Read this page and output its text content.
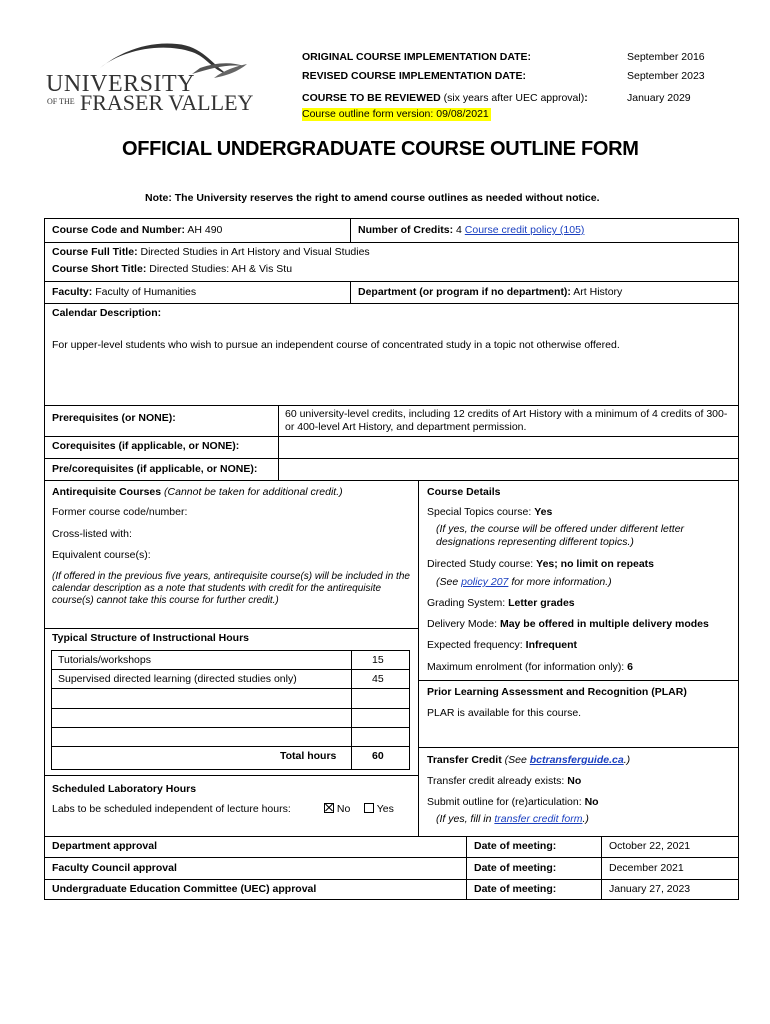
UNIVERSITY
OF THE FRASER VALLEY
ORIGINAL COURSE IMPLEMENTATION DATE:	September 2016
REVISED COURSE IMPLEMENTATION DATE:	September 2023
COURSE TO BE REVIEWED (six years after UEC approval):	January 2029
Course outline form version: 09/08/2021
OFFICIAL UNDERGRADUATE COURSE OUTLINE FORM
Note: The University reserves the right to amend course outlines as needed without notice.
Course Code and Number: AH 490	Number of Credits: 4 Course credit policy (105)
Course Full Title: Directed Studies in Art History and Visual Studies
Course Short Title: Directed Studies: AH & Vis Stu
Faculty: Faculty of Humanities	Department (or program if no department): Art History
Calendar Description:
For upper-level students who wish to pursue an independent course of concentrated study in a topic not otherwise offered.
Prerequisites (or NONE):	60 university-level credits, including 12 credits of Art History with a minimum of 4 credits of 300- or 400-level Art History, and department permission.
Corequisites (if applicable, or NONE):
Pre/corequisites (if applicable, or NONE):
Antirequisite Courses (Cannot be taken for additional credit.)
Former course code/number:
Cross-listed with:
Equivalent course(s):
(If offered in the previous five years, antirequisite course(s) will be included in the calendar description as a note that students with credit for the antirequisite course(s) cannot take this course for further credit.)
Typical Structure of Instructional Hours
Tutorials/workshops	15
Supervised directed learning (directed studies only)	45
Total hours	60
Scheduled Laboratory Hours
Labs to be scheduled independent of lecture hours:	No	Yes
Course Details
Special Topics course: Yes
(If yes, the course will be offered under different letter designations representing different topics.)
Directed Study course: Yes; no limit on repeats
(See policy 207 for more information.)
Grading System: Letter grades
Delivery Mode: May be offered in multiple delivery modes
Expected frequency: Infrequent
Maximum enrolment (for information only): 6
Prior Learning Assessment and Recognition (PLAR)
PLAR is available for this course.
Transfer Credit (See bctransferguide.ca.)
Transfer credit already exists: No
Submit outline for (re)articulation: No
(If yes, fill in transfer credit form.)
Department approval	Date of meeting:	October 22, 2021
Faculty Council approval	Date of meeting:	December 2021
Undergraduate Education Committee (UEC) approval	Date of meeting:	January 27, 2023
